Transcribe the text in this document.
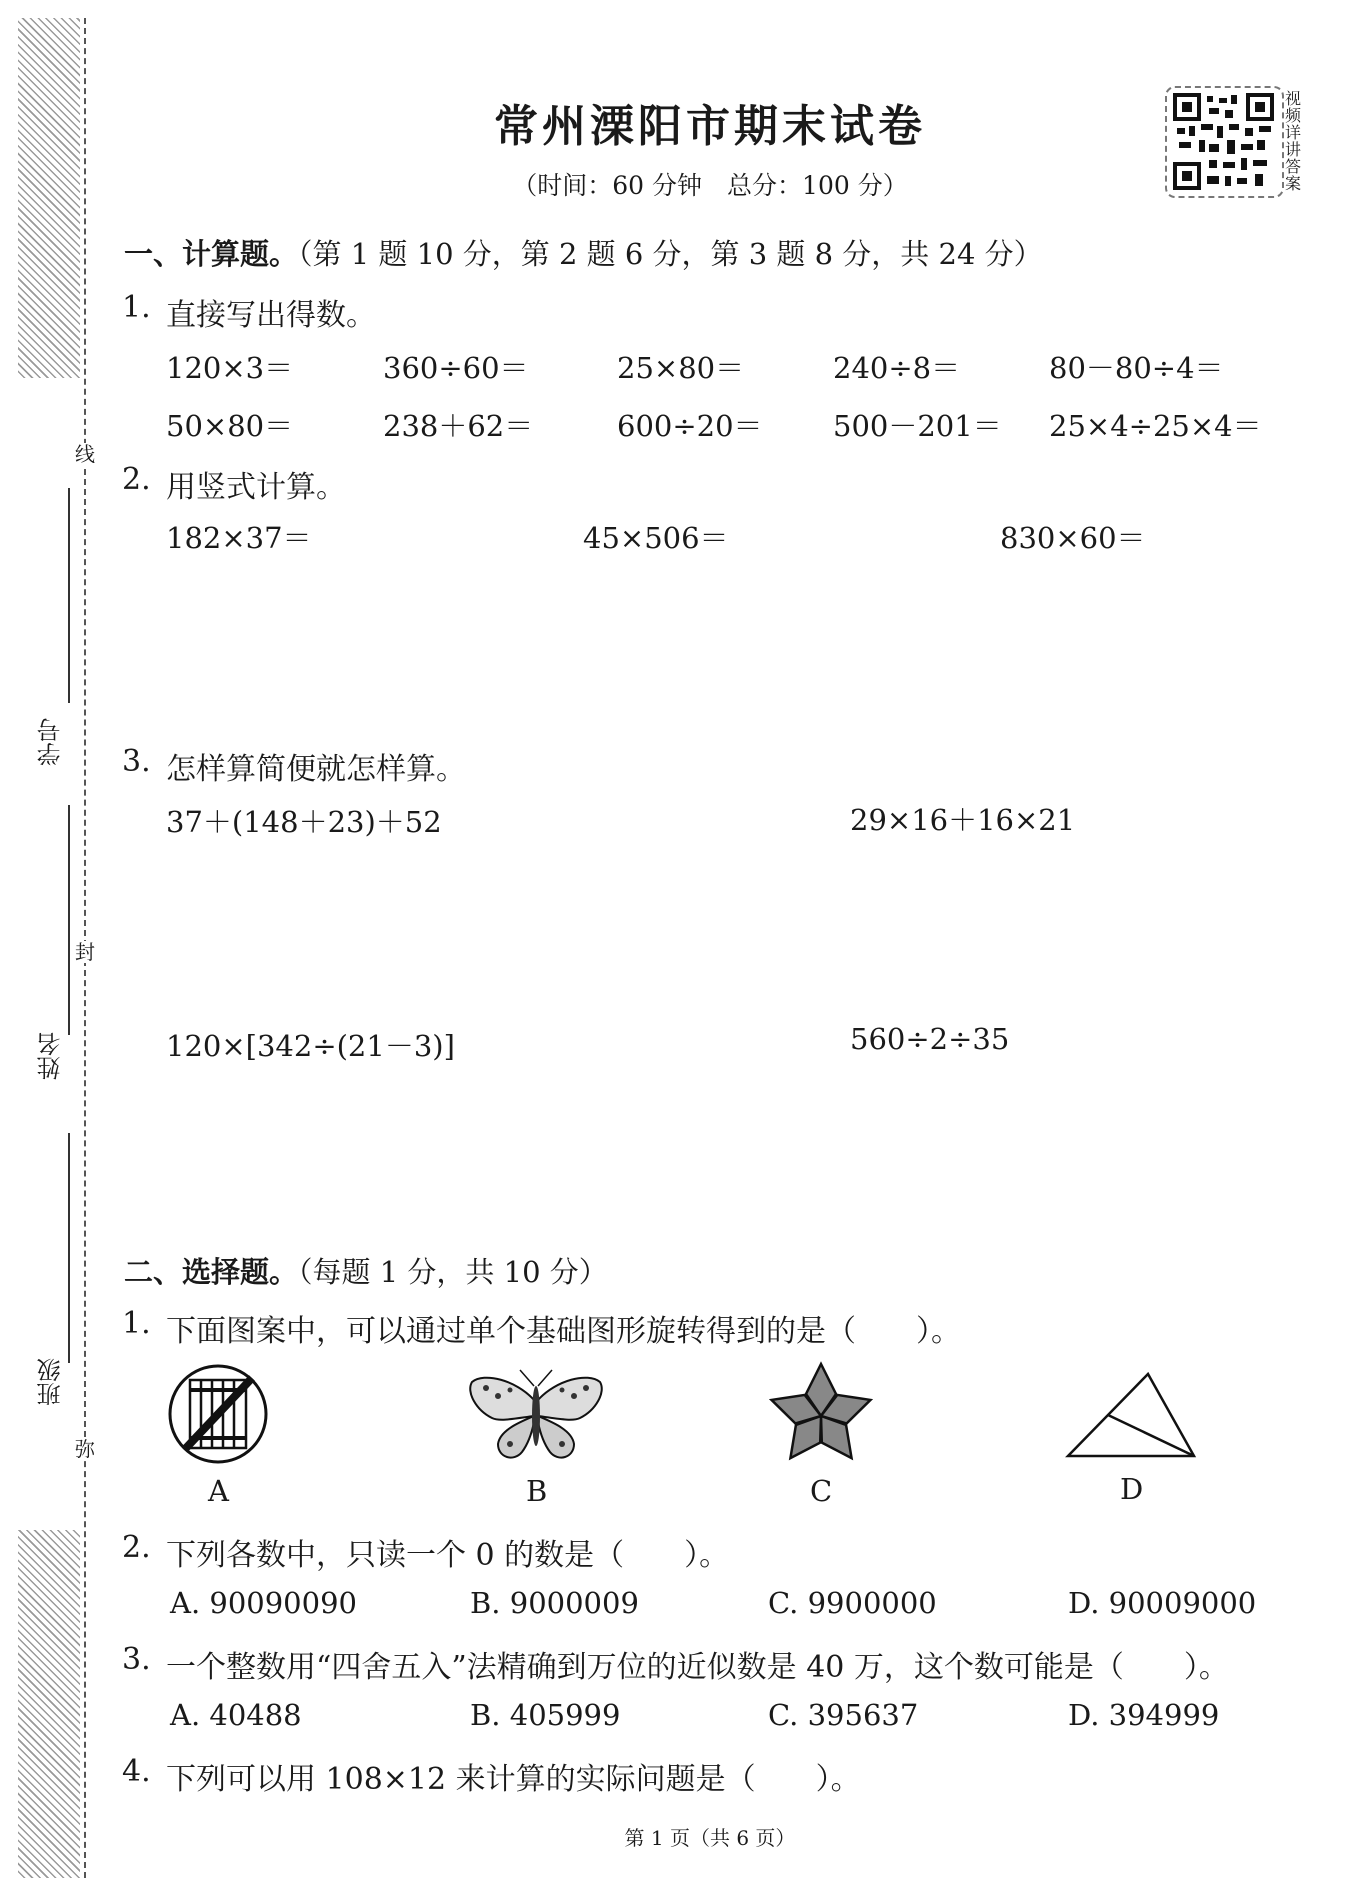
线
封
弥
学号
姓名
班级
常州溧阳市期末试卷
（时间：60 分钟　总分：100 分）
视频详讲答案
一、计算题。（第 1 题 10 分，第 2 题 6 分，第 3 题 8 分，共 24 分）
1. 直接写出得数。
120×3＝	360÷60＝	25×80＝	240÷8＝	80－80÷4＝
50×80＝	238＋62＝	600÷20＝ 500－201＝ 25×4÷25×4＝
2. 用竖式计算。
182×37＝	45×506＝	830×60＝
3. 怎样算简便就怎样算。
37＋(148＋23)＋52	29×16＋16×21
120×[342÷(21－3)]	560÷2÷35
二、选择题。（每题 1 分，共 10 分）
1. 下面图案中，可以通过单个基础图形旋转得到的是（　　）。
A	B	C	D
2. 下列各数中，只读一个 0 的数是（　　）。
A. 90090090	B. 9000009	C. 9900000	D. 90009000
3. 一个整数用“四舍五入”法精确到万位的近似数是 40 万，这个数可能是（　　）。
A. 40488	B. 405999	C. 395637	D. 394999
4. 下列可以用 108×12 来计算的实际问题是（　　）。
第 1 页（共 6 页）
